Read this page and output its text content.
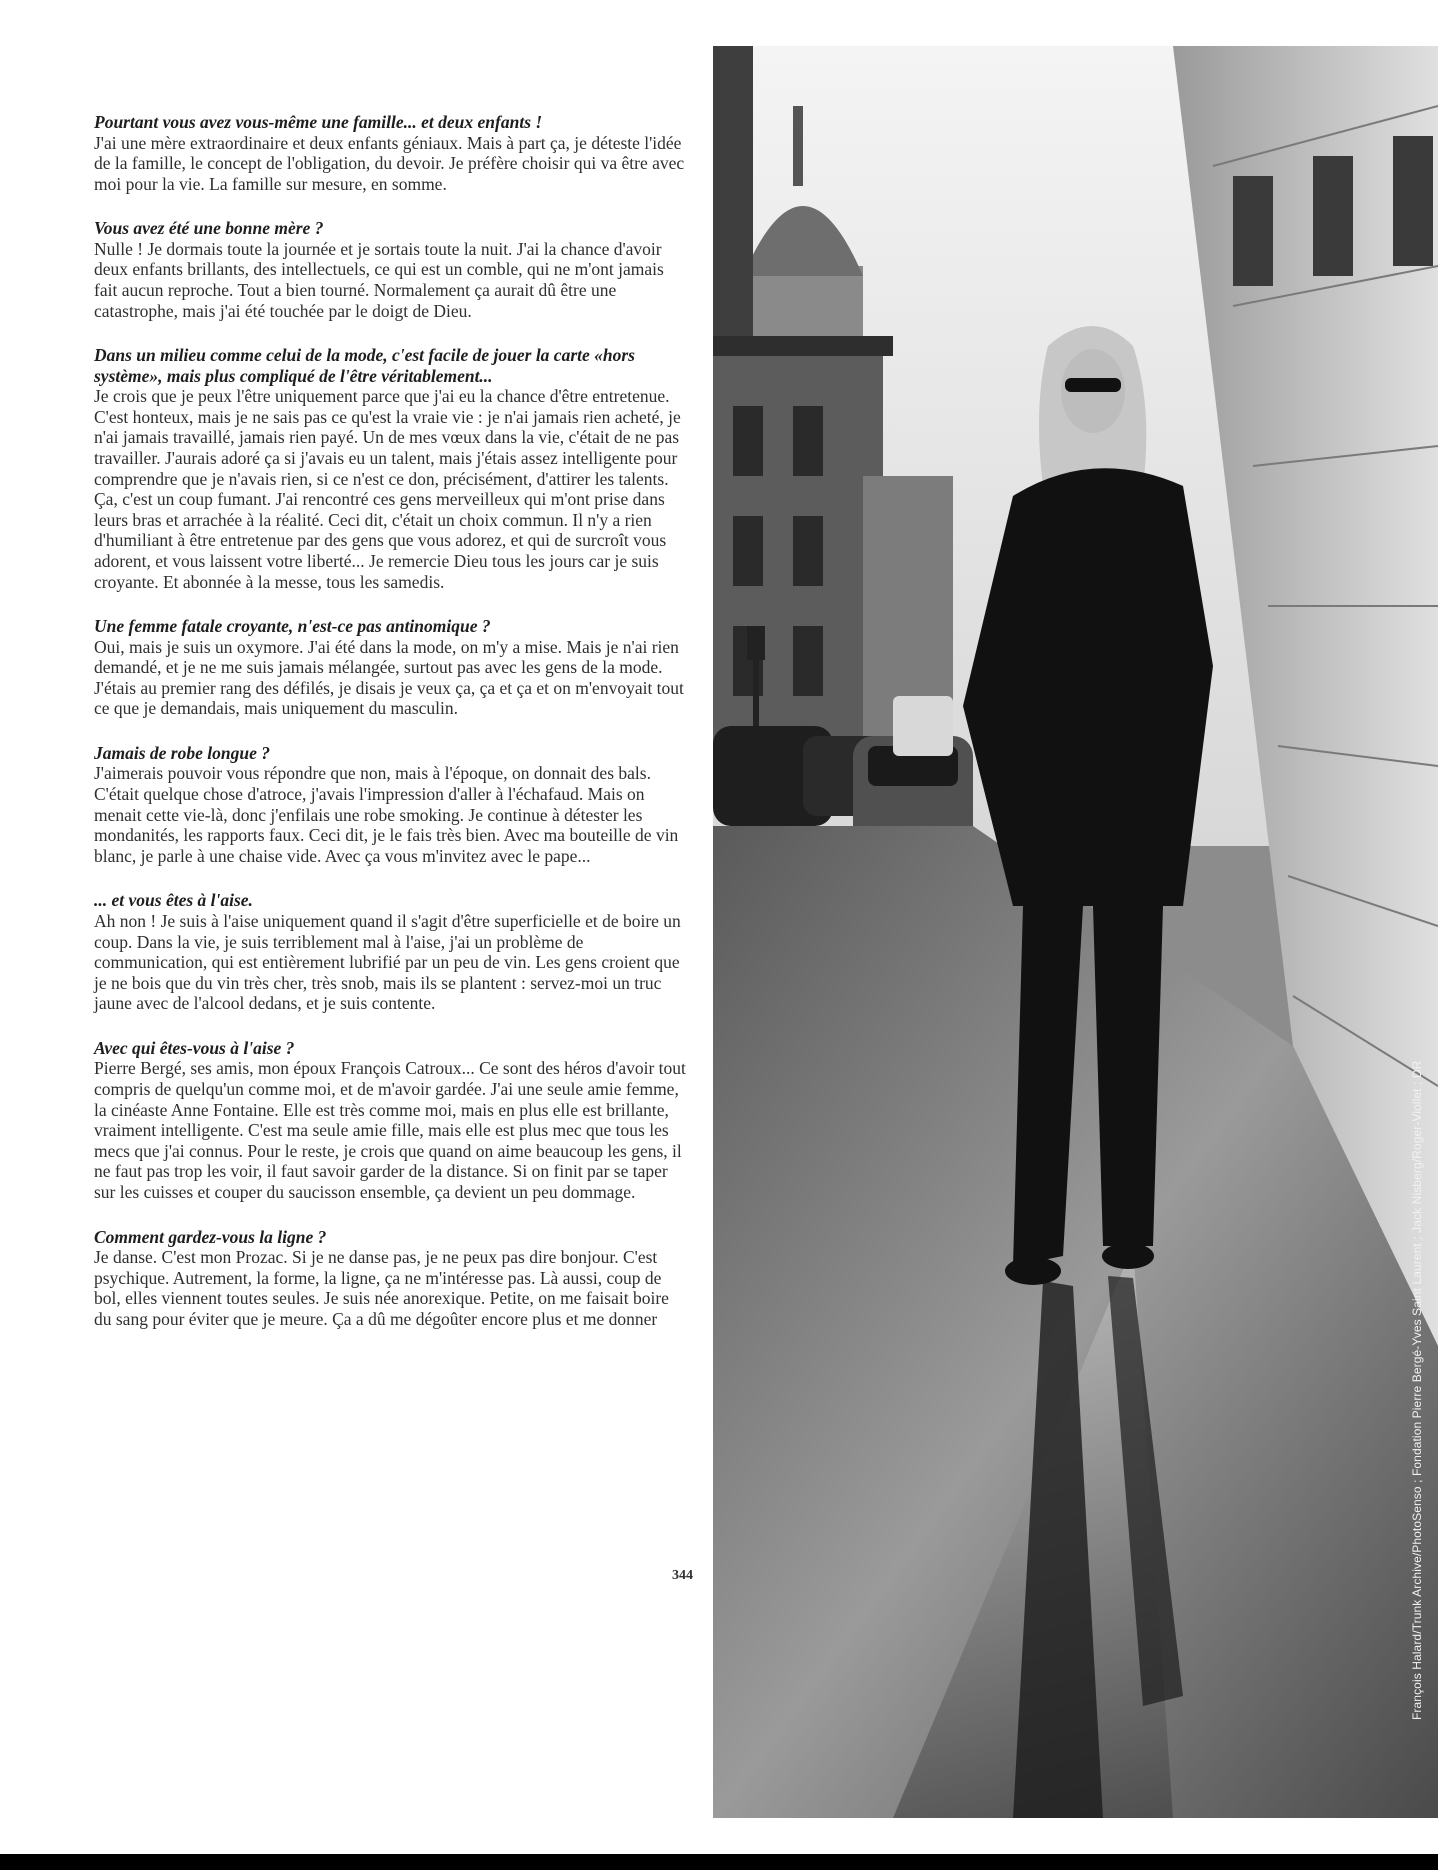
Pourtant vous avez vous-même une famille... et deux enfants !

J'ai une mère extraordinaire et deux enfants géniaux. Mais à part ça, je déteste l'idée de la famille, le concept de l'obligation, du devoir. Je préfère choisir qui va être avec moi pour la vie. La famille sur mesure, en somme.

Vous avez été une bonne mère ?

Nulle ! Je dormais toute la journée et je sortais toute la nuit. J'ai la chance d'avoir deux enfants brillants, des intellectuels, ce qui est un comble, qui ne m'ont jamais fait aucun reproche. Tout a bien tourné. Normalement ça aurait dû être une catastrophe, mais j'ai été touchée par le doigt de Dieu.

Dans un milieu comme celui de la mode, c'est facile de jouer la carte «hors système», mais plus compliqué de l'être véritablement...

Je crois que je peux l'être uniquement parce que j'ai eu la chance d'être entretenue. C'est honteux, mais je ne sais pas ce qu'est la vraie vie : je n'ai jamais rien acheté, je n'ai jamais travaillé, jamais rien payé. Un de mes vœux dans la vie, c'était de ne pas travailler. J'aurais adoré ça si j'avais eu un talent, mais j'étais assez intelligente pour comprendre que je n'avais rien, si ce n'est ce don, précisément, d'attirer les talents. Ça, c'est un coup fumant. J'ai rencontré ces gens merveilleux qui m'ont prise dans leurs bras et arrachée à la réalité. Ceci dit, c'était un choix commun. Il n'y a rien d'humiliant à être entretenue par des gens que vous adorez, et qui de surcroît vous adorent, et vous laissent votre liberté... Je remercie Dieu tous les jours car je suis croyante. Et abonnée à la messe, tous les samedis.

Une femme fatale croyante, n'est-ce pas antinomique ?

Oui, mais je suis un oxymore. J'ai été dans la mode, on m'y a mise. Mais je n'ai rien demandé, et je ne me suis jamais mélangée, surtout pas avec les gens de la mode. J'étais au premier rang des défilés, je disais je veux ça, ça et ça et on m'envoyait tout ce que je demandais, mais uniquement du masculin.

Jamais de robe longue ?

J'aimerais pouvoir vous répondre que non, mais à l'époque, on donnait des bals. C'était quelque chose d'atroce, j'avais l'impression d'aller à l'échafaud. Mais on menait cette vie-là, donc j'enfilais une robe smoking. Je continue à détester les mondanités, les rapports faux. Ceci dit, je le fais très bien. Avec ma bouteille de vin blanc, je parle à une chaise vide. Avec ça vous m'invitez avec le pape...

... et vous êtes à l'aise.

Ah non ! Je suis à l'aise uniquement quand il s'agit d'être superficielle et de boire un coup. Dans la vie, je suis terriblement mal à l'aise, j'ai un problème de communication, qui est entièrement lubrifié par un peu de vin. Les gens croient que je ne bois que du vin très cher, très snob, mais ils se plantent : servez-moi un truc jaune avec de l'alcool dedans, et je suis contente.

Avec qui êtes-vous à l'aise ?

Pierre Bergé, ses amis, mon époux François Catroux... Ce sont des héros d'avoir tout compris de quelqu'un comme moi, et de m'avoir gardée. J'ai une seule amie femme, la cinéaste Anne Fontaine. Elle est très comme moi, mais en plus elle est brillante, vraiment intelligente. C'est ma seule amie fille, mais elle est plus mec que tous les mecs que j'ai connus. Pour le reste, je crois que quand on aime beaucoup les gens, il ne faut pas trop les voir, il faut savoir garder de la distance. Si on finit par se taper sur les cuisses et couper du saucisson ensemble, ça devient un peu dommage.

Comment gardez-vous la ligne ?

Je danse. C'est mon Prozac. Si je ne danse pas, je ne peux pas dire bonjour. C'est psychique. Autrement, la forme, la ligne, ça ne m'intéresse pas. Là aussi, coup de bol, elles viennent toutes seules. Je suis née anorexique. Petite, on me faisait boire du sang pour éviter que je meure. Ça a dû me dégoûter encore plus et me donner	François Halard/Trunk Archive/PhotoSenso ; Fondation Pierre Bergé-Yves Saint Laurent ; Jack Nisberg/Roger-Viollet ; DR
344
